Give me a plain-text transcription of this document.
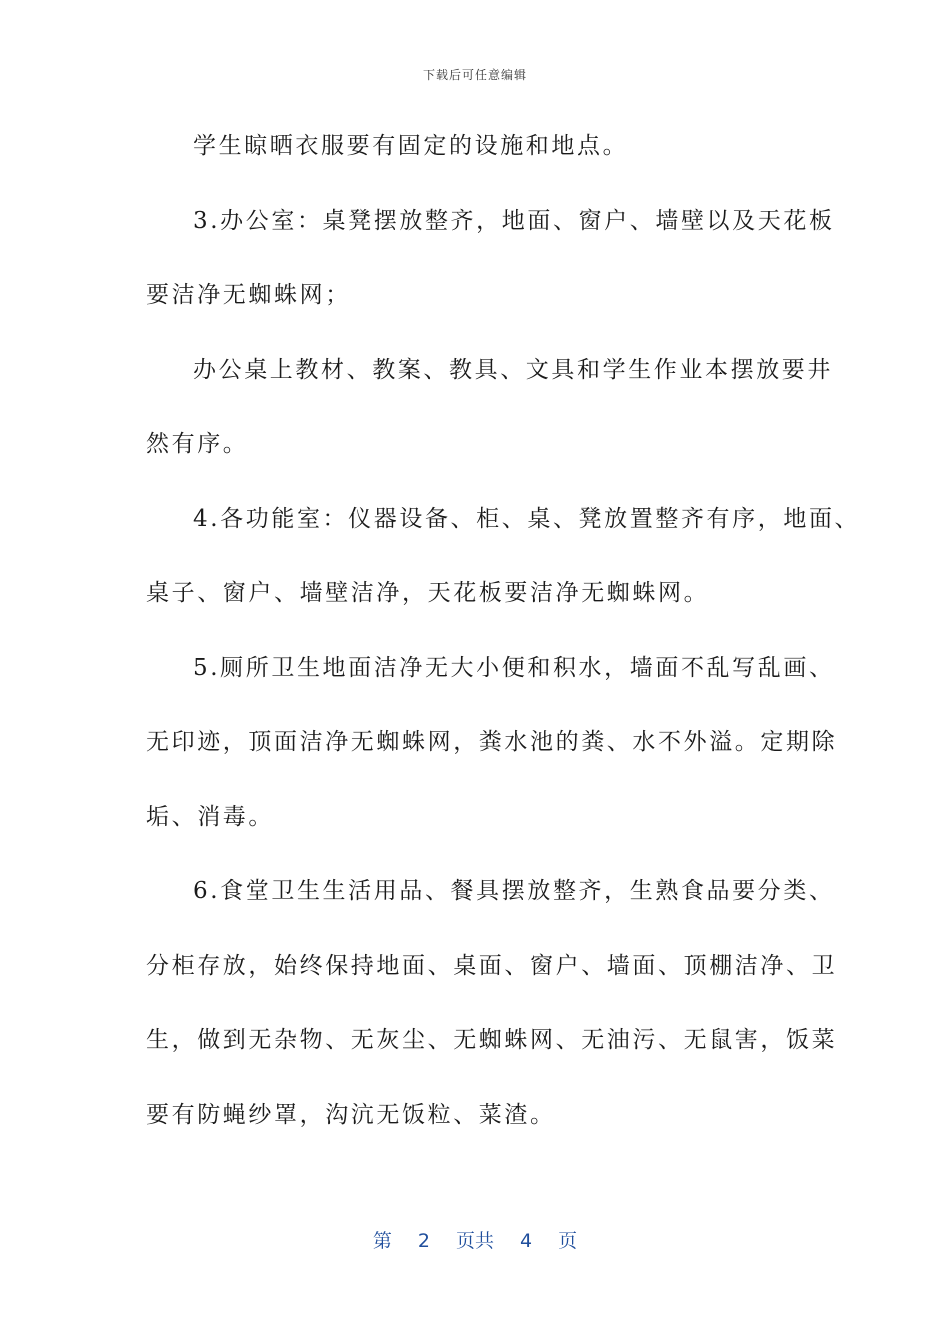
下载后可任意编辑
学生晾晒衣服要有固定的设施和地点。
3.办公室：桌凳摆放整齐，地面、窗户、墙壁以及天花板
要洁净无蜘蛛网；
办公桌上教材、教案、教具、文具和学生作业本摆放要井
然有序。
4.各功能室：仪器设备、柜、桌、凳放置整齐有序，地面、
桌子、窗户、墙壁洁净，天花板要洁净无蜘蛛网。
5.厕所卫生地面洁净无大小便和积水，墙面不乱写乱画、
无印迹，顶面洁净无蜘蛛网，粪水池的粪、水不外溢。定期除
垢、消毒。
6.食堂卫生生活用品、餐具摆放整齐，生熟食品要分类、
分柜存放，始终保持地面、桌面、窗户、墙面、顶棚洁净、卫
生，做到无杂物、无灰尘、无蜘蛛网、无油污、无鼠害，饭菜
要有防蝇纱罩，沟沆无饭粒、菜渣。
第 2 页共 4 页
